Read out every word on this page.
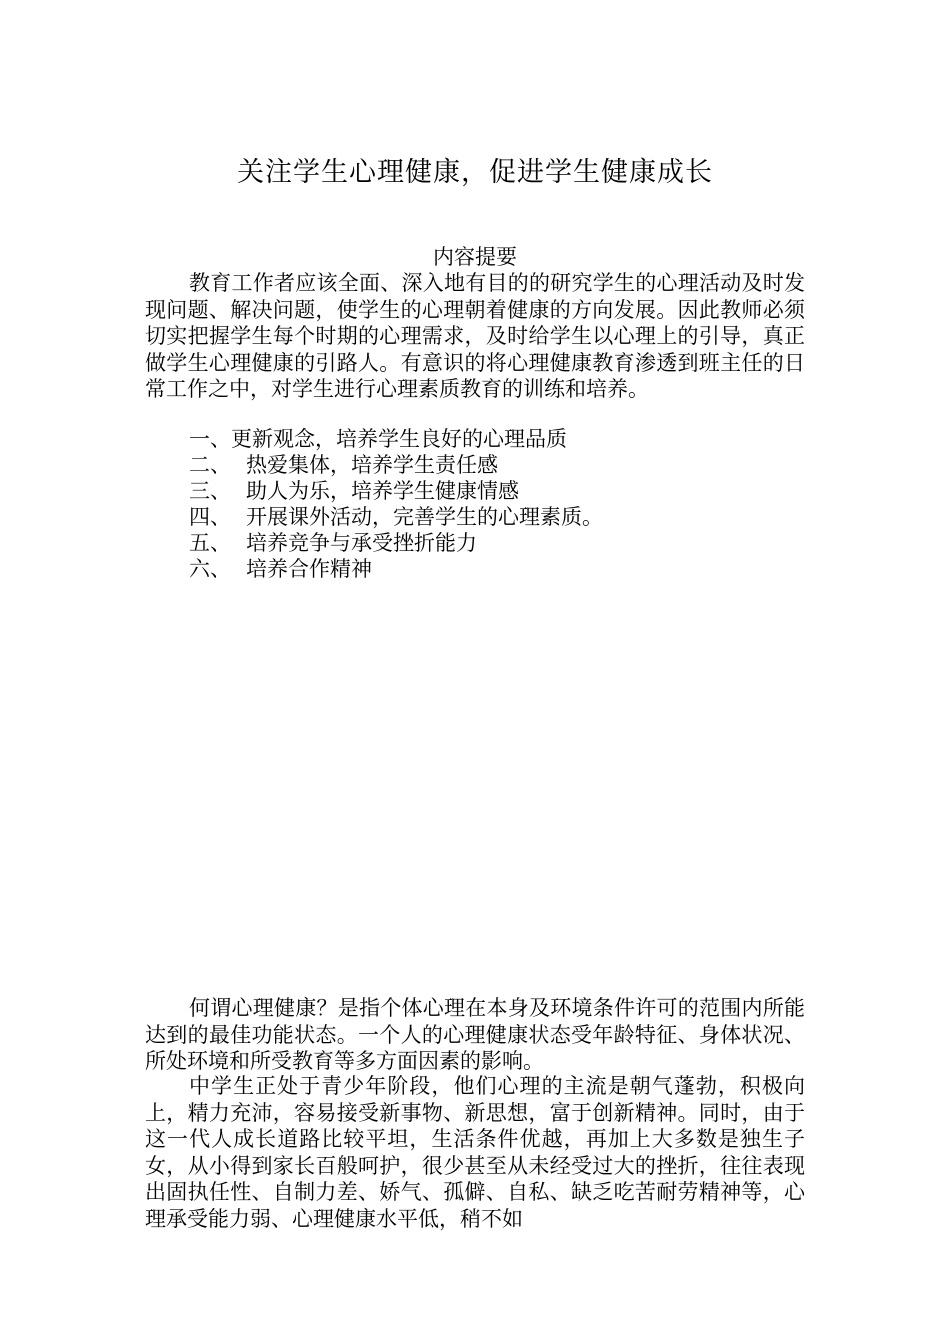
关注学生心理健康，促进学生健康成长
内容提要

教育工作者应该全面、深入地有目的的研究学生的心理活动及时发现问题、解决问题，使学生的心理朝着健康的方向发展。因此教师必须切实把握学生每个时期的心理需求，及时给学生以心理上的引导，真正做学生心理健康的引路人。有意识的将心理健康教育渗透到班主任的日常工作之中，对学生进行心理素质教育的训练和培养。

一、更新观念，培养学生良好的心理品质
二、 热爱集体，培养学生责任感
三、 助人为乐，培养学生健康情感
四、 开展课外活动，完善学生的心理素质。
五、 培养竞争与承受挫折能力
六、 培养合作精神

何谓心理健康？是指个体心理在本身及环境条件许可的范围内所能达到的最佳功能状态。一个人的心理健康状态受年龄特征、身体状况、所处环境和所受教育等多方面因素的影响。

中学生正处于青少年阶段，他们心理的主流是朝气蓬勃，积极向上，精力充沛，容易接受新事物、新思想，富于创新精神。同时，由于这一代人成长道路比较平坦，生活条件优越，再加上大多数是独生子女，从小得到家长百般呵护，很少甚至从未经受过大的挫折，往往表现出固执任性、自制力差、娇气、孤僻、自私、缺乏吃苦耐劳精神等，心理承受能力弱、心理健康水平低，稍不如
